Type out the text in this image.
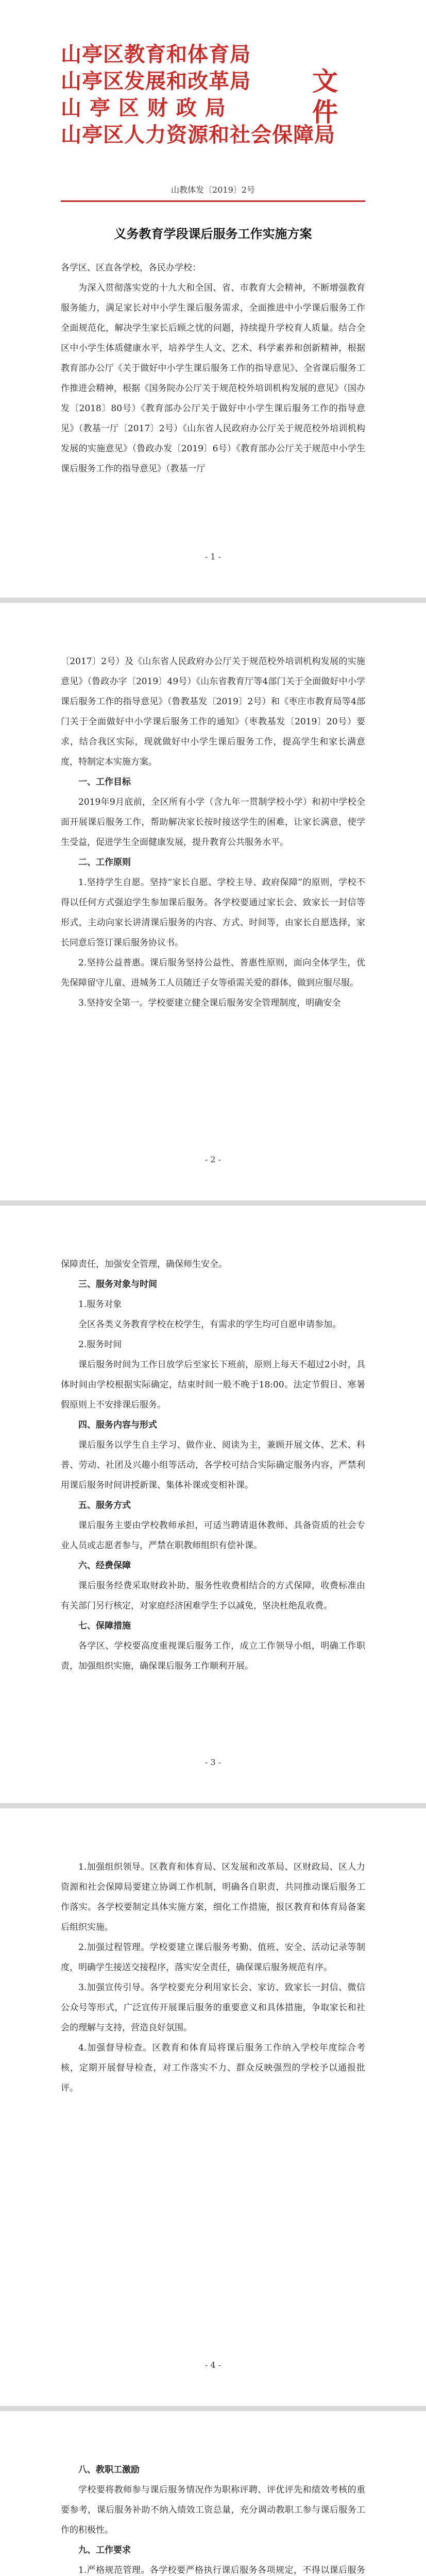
山亭区教育和体育局
山亭区发展和改革局
山 亭 区 财 政 局
山亭区人力资源和社会保障局
文件
山教体发〔2019〕2号
义务教育学段课后服务工作实施方案

各学区、区直各学校，各民办学校：

为深入贯彻落实党的十九大和全国、省、市教育大会精神，不断增强教育服务能力，满足家长对中小学生课后服务需求，全面推进中小学课后服务工作全面规范化，解决学生家长后顾之忧的问题，持续提升学校育人质量。结合全区中小学生体质健康水平，培养学生人文、艺术、科学素养和创新精神，根据教育部办公厅《关于做好中小学生课后服务工作的指导意见》、全省课后服务工作推进会精神，根据《国务院办公厅关于规范校外培训机构发展的意见》（国办发〔2018〕80号）《教育部办公厅关于做好中小学生课后服务工作的指导意见》（教基一厅〔2017〕2号）《山东省人民政府办公厅关于规范校外培训机构发展的实施意见》（鲁政办发〔2019〕6号）《教育部办公厅关于规范中小学生课后服务工作的指导意见》（教基一厅

- 1 -

〔2017〕2号）及《山东省人民政府办公厅关于规范校外培训机构发展的实施意见》（鲁政办字〔2019〕49号）《山东省教育厅等4部门关于全面做好中小学课后服务工作的指导意见》（鲁教基发〔2019〕2号）和《枣庄市教育局等4部门关于全面做好中小学课后服务工作的通知》（枣教基发〔2019〕20号）要求，结合我区实际，现就做好中小学生课后服务工作，提高学生和家长满意度，特制定本实施方案。

一、工作目标

2019年9月底前，全区所有小学（含九年一贯制学校小学）和初中学校全面开展课后服务工作，帮助解决家长按时接送学生的困难，让家长满意，使学生受益，促进学生全面健康发展，提升教育公共服务水平。

二、工作原则

1.坚持学生自愿。坚持“家长自愿、学校主导、政府保障”的原则，学校不得以任何方式强迫学生参加课后服务。各学校要通过家长会、致家长一封信等形式，主动向家长讲清课后服务的内容、方式、时间等，由家长自愿选择，家长同意后签订课后服务协议书。

2.坚持公益普惠。课后服务坚持公益性、普惠性原则，面向全体学生，优先保障留守儿童、进城务工人员随迁子女等亟需关爱的群体，做到应服尽服。

3.坚持安全第一。学校要建立健全课后服务安全管理制度，明确安全

- 2 -

保障责任，加强安全管理，确保师生安全。

三、服务对象与时间

1.服务对象

全区各类义务教育学校在校学生，有需求的学生均可自愿申请参加。

2.服务时间

课后服务时间为工作日放学后至家长下班前，原则上每天不超过2小时，具体时间由学校根据实际确定，结束时间一般不晚于18:00。法定节假日、寒暑假原则上不安排课后服务。

四、服务内容与形式

课后服务以学生自主学习、做作业、阅读为主，兼顾开展文体、艺术、科普、劳动、社团及兴趣小组等活动，各学校可结合实际确定服务内容，严禁利用课后服务时间讲授新课、集体补课或变相补课。

五、服务方式

课后服务主要由学校教师承担，可适当聘请退休教师、具备资质的社会专业人员或志愿者参与，严禁在职教师组织有偿补课。

六、经费保障

课后服务经费采取财政补助、服务性收费相结合的方式保障，收费标准由有关部门另行核定，对家庭经济困难学生予以减免，坚决杜绝乱收费。

七、保障措施

各学区、学校要高度重视课后服务工作，成立工作领导小组，明确工作职责，加强组织实施，确保课后服务工作顺利开展。

- 3 -

1.加强组织领导。区教育和体育局、区发展和改革局、区财政局、区人力资源和社会保障局要建立协调工作机制，明确各自职责，共同推动课后服务工作落实。各学校要制定具体实施方案，细化工作措施，报区教育和体育局备案后组织实施。

2.加强过程管理。学校要建立课后服务考勤、值班、安全、活动记录等制度，明确学生接送交接程序，落实安全责任，确保课后服务规范有序。

3.加强宣传引导。各学校要充分利用家长会、家访、致家长一封信、微信公众号等形式，广泛宣传开展课后服务的重要意义和具体措施，争取家长和社会的理解与支持，营造良好氛围。

4.加强督导检查。区教育和体育局将课后服务工作纳入学校年度综合考核，定期开展督导检查，对工作落实不力、群众反映强烈的学校予以通报批评。

- 4 -

八、教职工激励

学校要将教师参与课后服务情况作为职称评聘、评优评先和绩效考核的重要参考，课后服务补助不纳入绩效工资总量，充分调动教职工参与课后服务工作的积极性。

九、工作要求

1.严格规范管理。各学校要严格执行课后服务各项规定，不得以课后服务
